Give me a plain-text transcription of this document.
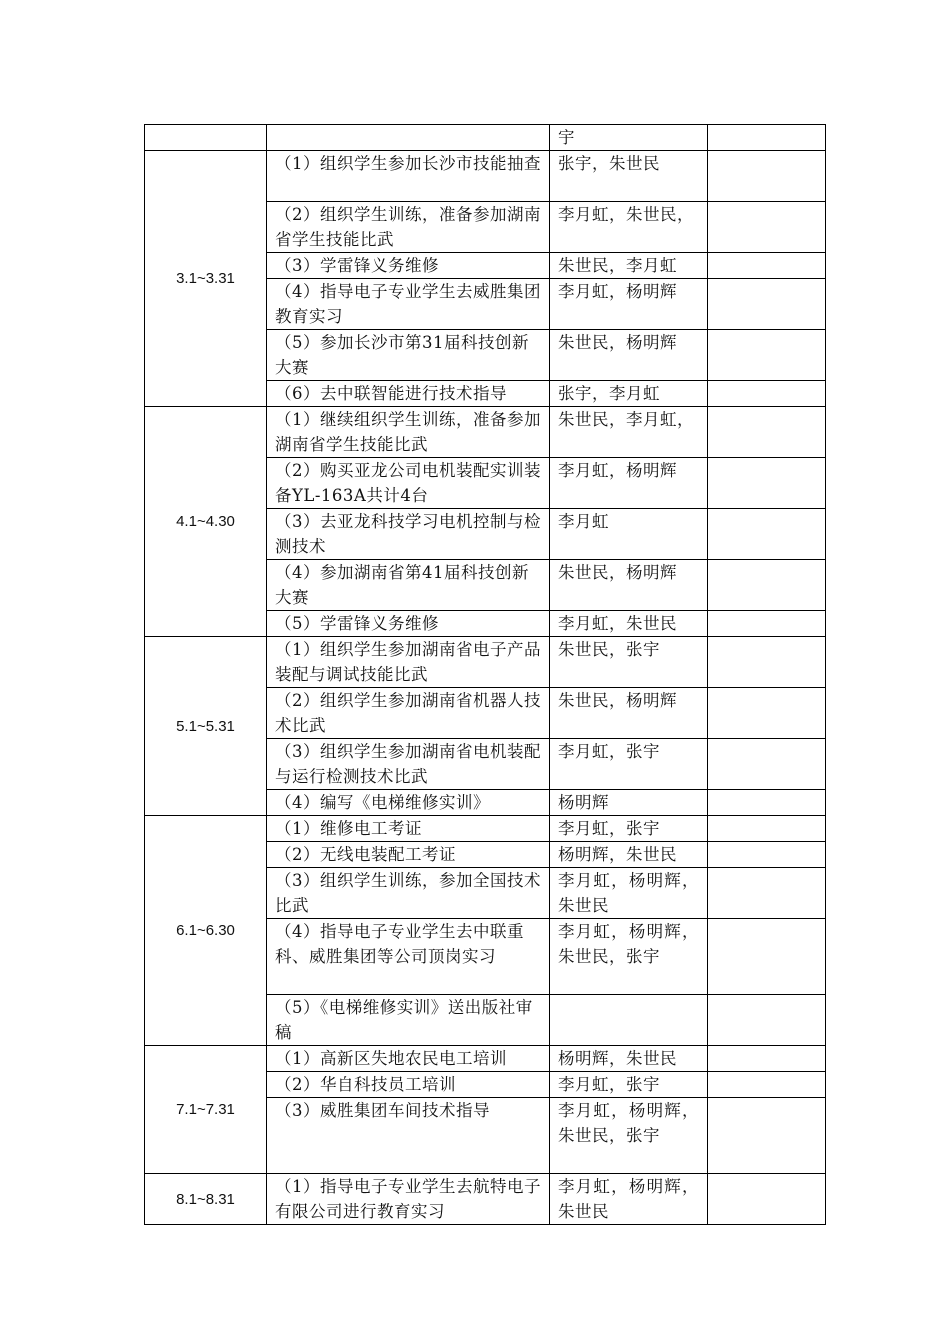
		宇	
3.1~3.31	（1）组织学生参加长沙市技能抽查	张宇，朱世民	
	（2）组织学生训练，准备参加湖南省学生技能比武	李月虹，朱世民，	
	（3）学雷锋义务维修	朱世民，李月虹	
	（4）指导电子专业学生去威胜集团教育实习	李月虹，杨明辉	
	（5）参加长沙市第31届科技创新大赛	朱世民，杨明辉	
	（6）去中联智能进行技术指导	张宇，李月虹	
4.1~4.30	（1）继续组织学生训练，准备参加湖南省学生技能比武	朱世民，李月虹，	
	（2）购买亚龙公司电机装配实训装备YL-163A共计4台	李月虹，杨明辉	
	（3）去亚龙科技学习电机控制与检测技术	李月虹	
	（4）参加湖南省第41届科技创新大赛	朱世民，杨明辉	
	（5）学雷锋义务维修	李月虹，朱世民	
5.1~5.31	（1）组织学生参加湖南省电子产品装配与调试技能比武	朱世民，张宇	
	（2）组织学生参加湖南省机器人技术比武	朱世民，杨明辉	
	（3）组织学生参加湖南省电机装配与运行检测技术比武	李月虹，张宇	
	（4）编写《电梯维修实训》	杨明辉	
6.1~6.30	（1）维修电工考证	李月虹，张宇	
	（2）无线电装配工考证	杨明辉，朱世民	
	（3）组织学生训练，参加全国技术比武	李月虹，杨明辉，朱世民	
	（4）指导电子专业学生去中联重科、威胜集团等公司顶岗实习	李月虹，杨明辉，朱世民，张宇	
	（5）《电梯维修实训》送出版社审稿		
7.1~7.31	（1）高新区失地农民电工培训	杨明辉，朱世民	
	（2）华自科技员工培训	李月虹，张宇	
	（3）威胜集团车间技术指导	李月虹，杨明辉，朱世民，张宇	
8.1~8.31	（1）指导电子专业学生去航特电子有限公司进行教育实习	李月虹，杨明辉，朱世民	
